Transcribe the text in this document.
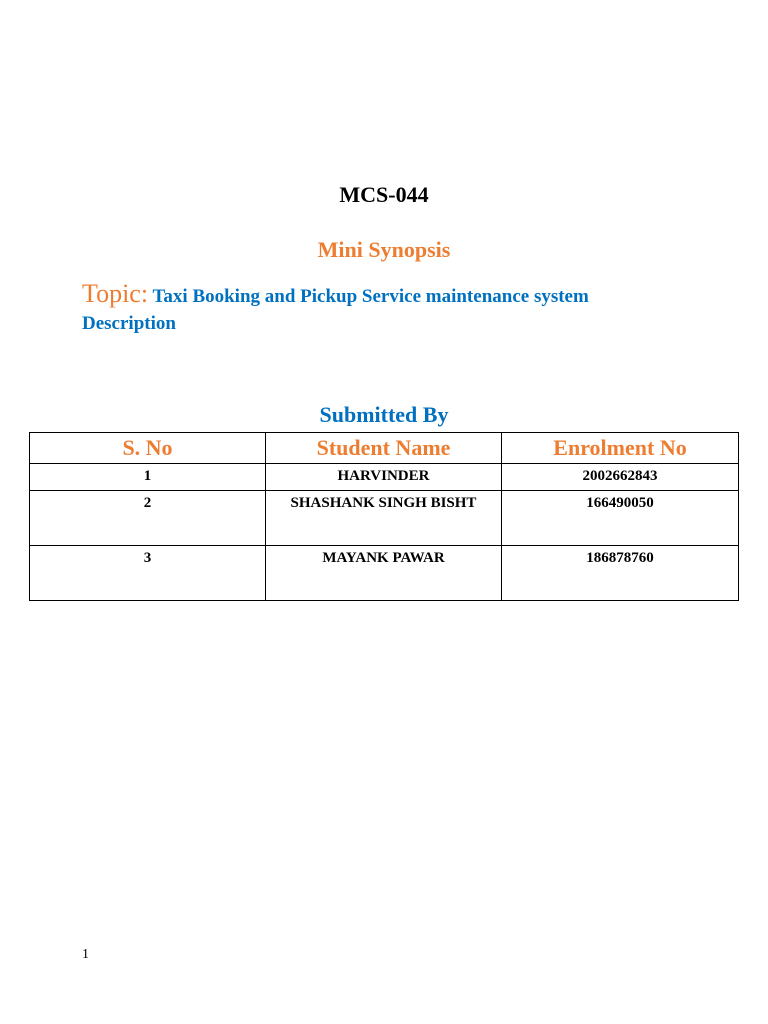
MCS-044
Mini Synopsis
Topic: Taxi Booking and Pickup Service maintenance system Description
Submitted By
S. No	Student Name	Enrolment No
1	HARVINDER	2002662843
2	SHASHANK SINGH BISHT	166490050
3	MAYANK PAWAR	186878760
1
